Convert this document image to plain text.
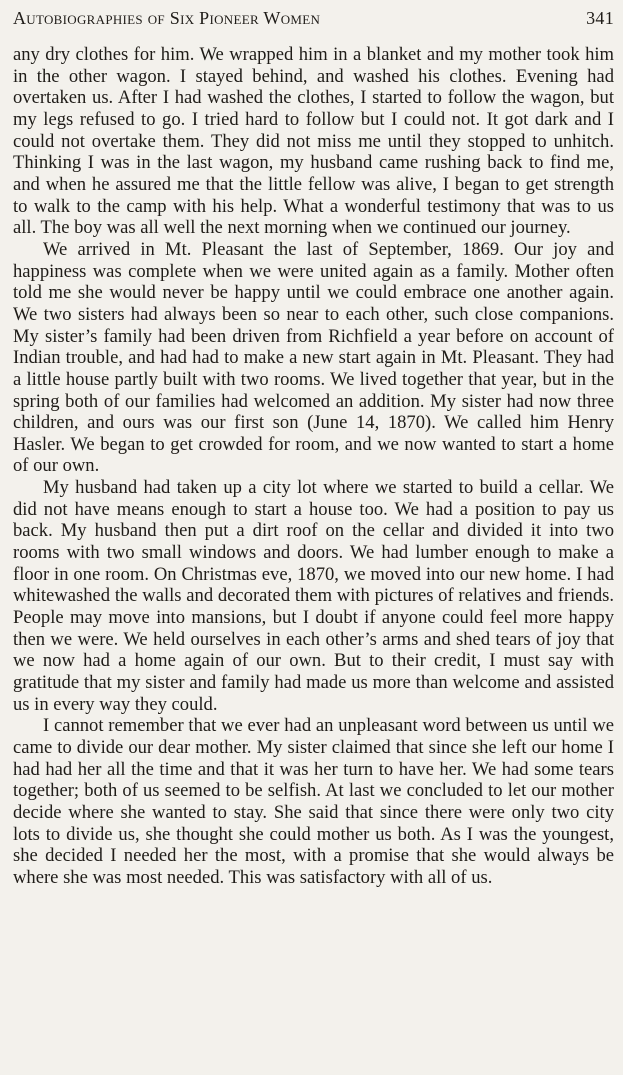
Autobiographies of Six Pioneer Women	341

any dry clothes for him. We wrapped him in a blanket and my mother took him in the other wagon. I stayed behind, and washed his clothes. Evening had overtaken us. After I had washed the clothes, I started to follow the wagon, but my legs refused to go. I tried hard to follow but I could not. It got dark and I could not overtake them. They did not miss me until they stopped to unhitch. Thinking I was in the last wagon, my husband came rushing back to find me, and when he assured me that the little fellow was alive, I began to get strength to walk to the camp with his help. What a wonderful testimony that was to us all. The boy was all well the next morning when we continued our journey.

We arrived in Mt. Pleasant the last of September, 1869. Our joy and happiness was complete when we were united again as a family. Mother often told me she would never be happy until we could embrace one another again. We two sisters had always been so near to each other, such close companions. My sister’s family had been driven from Richfield a year before on account of Indian trouble, and had had to make a new start again in Mt. Pleasant. They had a little house partly built with two rooms. We lived together that year, but in the spring both of our families had welcomed an addition. My sister had now three children, and ours was our first son (June 14, 1870). We called him Henry Hasler. We began to get crowded for room, and we now wanted to start a home of our own.

My husband had taken up a city lot where we started to build a cellar. We did not have means enough to start a house too. We had a position to pay us back. My husband then put a dirt roof on the cellar and divided it into two rooms with two small windows and doors. We had lumber enough to make a floor in one room. On Christmas eve, 1870, we moved into our new home. I had whitewashed the walls and decorated them with pictures of relatives and friends. People may move into mansions, but I doubt if anyone could feel more happy then we were. We held ourselves in each other’s arms and shed tears of joy that we now had a home again of our own. But to their credit, I must say with gratitude that my sister and family had made us more than welcome and assisted us in every way they could.

I cannot remember that we ever had an unpleasant word between us until we came to divide our dear mother. My sister claimed that since she left our home I had had her all the time and that it was her turn to have her. We had some tears together; both of us seemed to be selfish. At last we concluded to let our mother decide where she wanted to stay. She said that since there were only two city lots to divide us, she thought she could mother us both. As I was the youngest, she decided I needed her the most, with a promise that she would always be where she was most needed. This was satisfactory with all of us.
